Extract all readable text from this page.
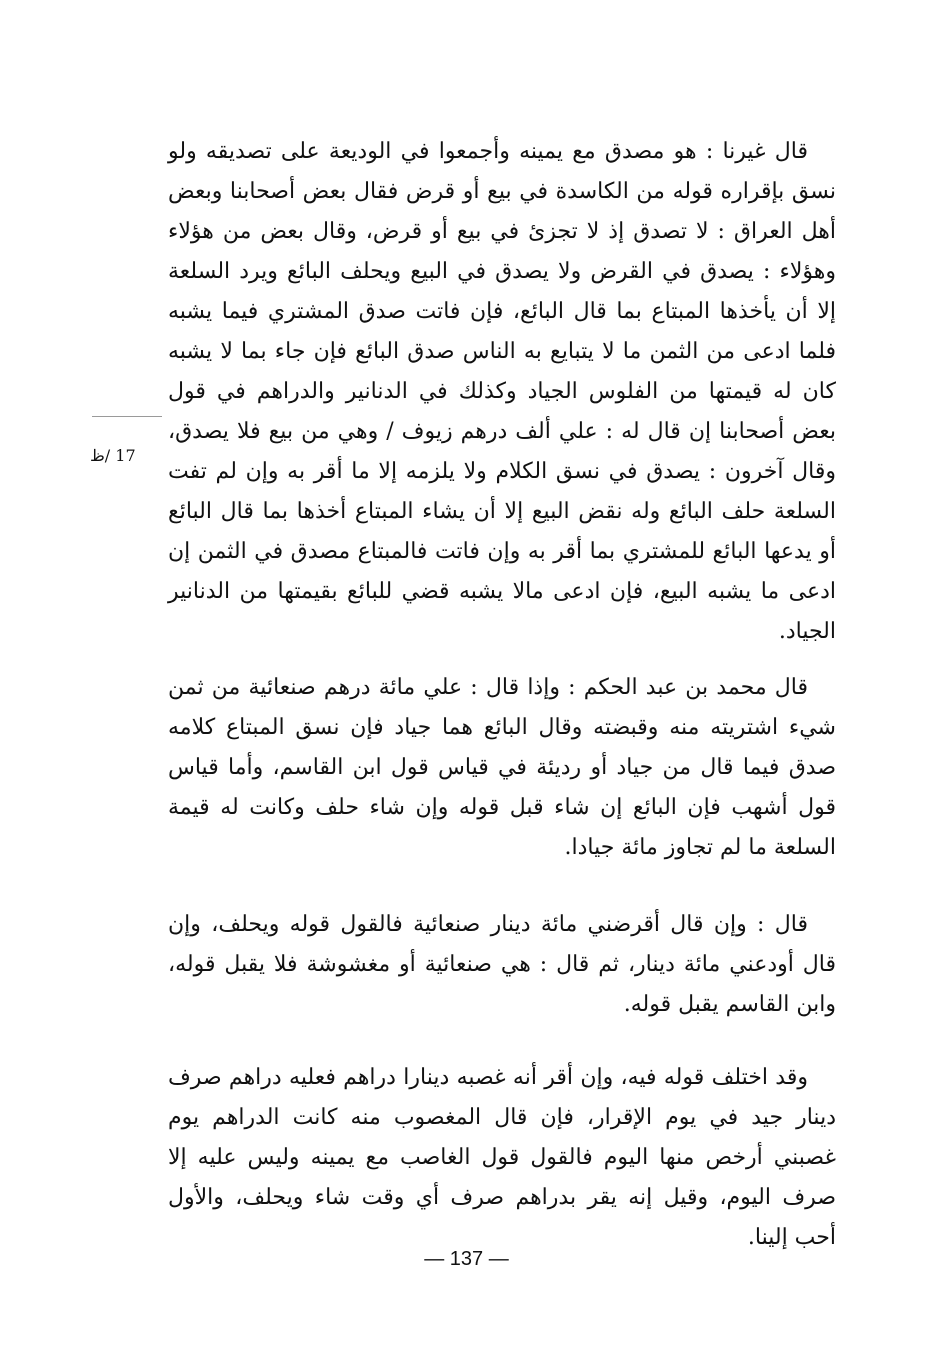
17 /ظ

قال غيرنا : هو مصدق مع يمينه وأجمعوا في الوديعة على تصديقه ولو نسق بإقراره قوله من الكاسدة في بيع أو قرض فقال بعض أصحابنا وبعض أهل العراق : لا تصدق إذ لا تجزئ في بيع أو قرض، وقال بعض من هؤلاء وهؤلاء : يصدق في القرض ولا يصدق في البيع ويحلف البائع ويرد السلعة إلا أن يأخذها المبتاع بما قال البائع، فإن فاتت صدق المشتري فيما يشبه فلما ادعى من الثمن ما لا يتبايع به الناس صدق البائع فإن جاء بما لا يشبه كان له قيمتها من الفلوس الجياد وكذلك في الدنانير والدراهم في قول بعض أصحابنا إن قال له : علي ألف درهم زيوف / وهي من بيع فلا يصدق، وقال آخرون : يصدق في نسق الكلام ولا يلزمه إلا ما أقر به وإن لم تفت السلعة حلف البائع وله نقض البيع إلا أن يشاء المبتاع أخذها بما قال البائع أو يدعها البائع للمشتري بما أقر به وإن فاتت فالمبتاع مصدق في الثمن إن ادعى ما يشبه البيع، فإن ادعى مالا يشبه قضي للبائع بقيمتها من الدنانير الجياد.

قال محمد بن عبد الحكم : وإذا قال : علي مائة درهم صنعائية من ثمن شيء اشتريته منه وقبضته وقال البائع هما جياد فإن نسق المبتاع كلامه صدق فيما قال من جياد أو رديئة في قياس قول ابن القاسم، وأما قياس قول أشهب فإن البائع إن شاء قبل قوله وإن شاء حلف وكانت له قيمة السلعة ما لم تجاوز مائة جيادا.

قال : وإن قال أقرضني مائة دينار صنعائية فالقول قوله ويحلف، وإن قال أودعني مائة دينار، ثم قال : هي صنعائية أو مغشوشة فلا يقبل قوله، وابن القاسم يقبل قوله.

وقد اختلف قوله فيه، وإن أقر أنه غصبه دينارا دراهم فعليه دراهم صرف دينار جيد في يوم الإقرار، فإن قال المغصوب منه كانت الدراهم يوم غصبني أرخص منها اليوم فالقول قول الغاصب مع يمينه وليس عليه إلا صرف اليوم، وقيل إنه يقر بدراهم صرف أي وقت شاء ويحلف، والأول أحب إلينا.

— 137 —
